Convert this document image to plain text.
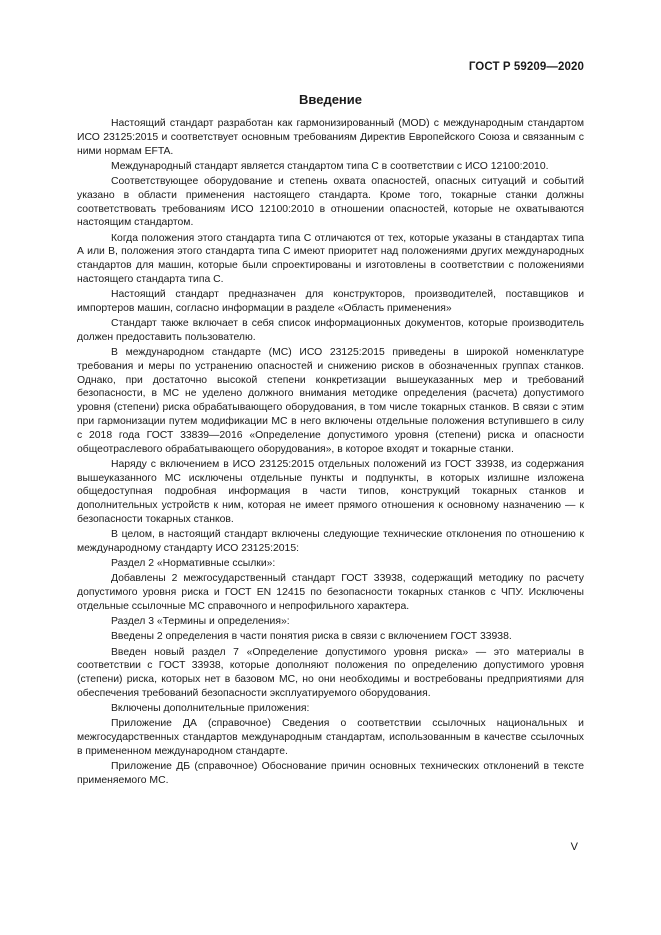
ГОСТ Р 59209—2020
Введение

Настоящий стандарт разработан как гармонизированный (MOD) с международным стандартом ИСО 23125:2015 и соответствует основным требованиям Директив Европейского Союза и связанным с ними нормам EFTA.

Международный стандарт является стандартом типа С в соответствии с ИСО 12100:2010.

Соответствующее оборудование и степень охвата опасностей, опасных ситуаций и событий указано в области применения настоящего стандарта. Кроме того, токарные станки должны соответствовать требованиям ИСО 12100:2010 в отношении опасностей, которые не охватываются настоящим стандартом.

Когда положения этого стандарта типа С отличаются от тех, которые указаны в стандартах типа А или В, положения этого стандарта типа С имеют приоритет над положениями других международных стандартов для машин, которые были спроектированы и изготовлены в соответствии с положениями настоящего стандарта типа С.

Настоящий стандарт предназначен для конструкторов, производителей, поставщиков и импортеров машин, согласно информации в разделе «Область применения»

Стандарт также включает в себя список информационных документов, которые производитель должен предоставить пользователю.

В международном стандарте (МС) ИСО 23125:2015 приведены в широкой номенклатуре требования и меры по устранению опасностей и снижению рисков в обозначенных группах станков. Однако, при достаточно высокой степени конкретизации вышеуказанных мер и требований безопасности, в МС не уделено должного внимания методике определения (расчета) допустимого уровня (степени) риска обрабатывающего оборудования, в том числе токарных станков. В связи с этим при гармонизации путем модификации МС в него включены отдельные положения вступившего в силу с 2018 года ГОСТ 33839—2016 «Определение допустимого уровня (степени) риска и опасности общеотраслевого обрабатывающего оборудования», в которое входят и токарные станки.

Наряду с включением в ИСО 23125:2015 отдельных положений из ГОСТ 33938, из содержания вышеуказанного МС исключены отдельные пункты и подпункты, в которых излишне изложена общедоступная подробная информация в части типов, конструкций токарных станков и дополнительных устройств к ним, которая не имеет прямого отношения к основному назначению — к безопасности токарных станков.

В целом, в настоящий стандарт включены следующие технические отклонения по отношению к международному стандарту ИСО 23125:2015:

Раздел 2 «Нормативные ссылки»:

Добавлены 2 межгосударственный стандарт ГОСТ 33938, содержащий методику по расчету допустимого уровня риска и ГОСТ EN 12415 по безопасности токарных станков с ЧПУ. Исключены отдельные ссылочные МС справочного и непрофильного характера.

Раздел 3 «Термины и определения»:

Введены 2 определения в части понятия риска в связи с включением ГОСТ 33938.

Введен новый раздел 7 «Определение допустимого уровня риска» — это материалы в соответствии с ГОСТ 33938, которые дополняют положения по определению допустимого уровня (степени) риска, которых нет в базовом МС, но они необходимы и востребованы предприятиями для обеспечения требований безопасности эксплуатируемого оборудования.

Включены дополнительные приложения:

Приложение ДА (справочное) Сведения о соответствии ссылочных национальных и межгосударственных стандартов международным стандартам, использованным в качестве ссылочных в примененном международном стандарте.

Приложение ДБ (справочное) Обоснование причин основных технических отклонений в тексте применяемого МС.

V
